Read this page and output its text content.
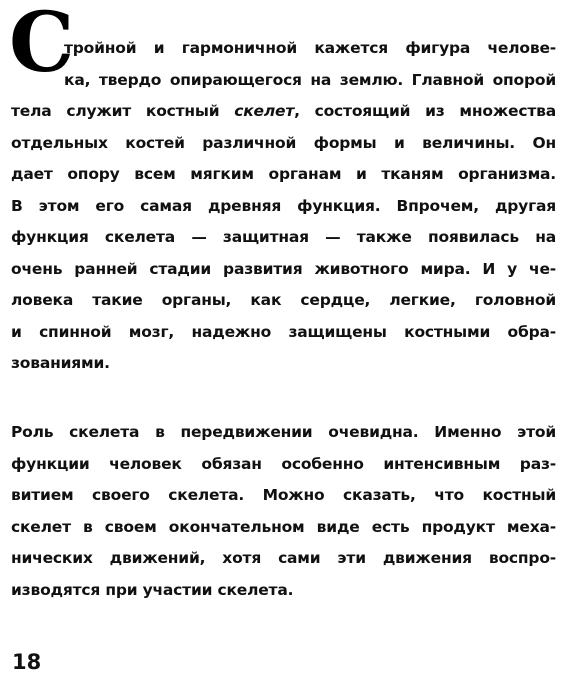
С
тройной и гармоничной кажется фигура челове-
ка, твердо опирающегося на землю. Главной опорой
тела служит костный скелет, состоящий из множества
отдельных костей различной формы и величины. Он
дает опору всем мягким органам и тканям организма.
В этом его самая древняя функция. Впрочем, другая
функция скелета — защитная — также появилась на
очень ранней стадии развития животного мира. И у че-
ловека такие органы, как сердце, легкие, головной
и спинной мозг, надежно защищены костными обра-
зованиями.
Роль скелета в передвижении очевидна. Именно этой
функции человек обязан особенно интенсивным раз-
витием своего скелета. Можно сказать, что костный
скелет в своем окончательном виде есть продукт меха-
нических движений, хотя сами эти движения воспро-
изводятся при участии скелета.
18
